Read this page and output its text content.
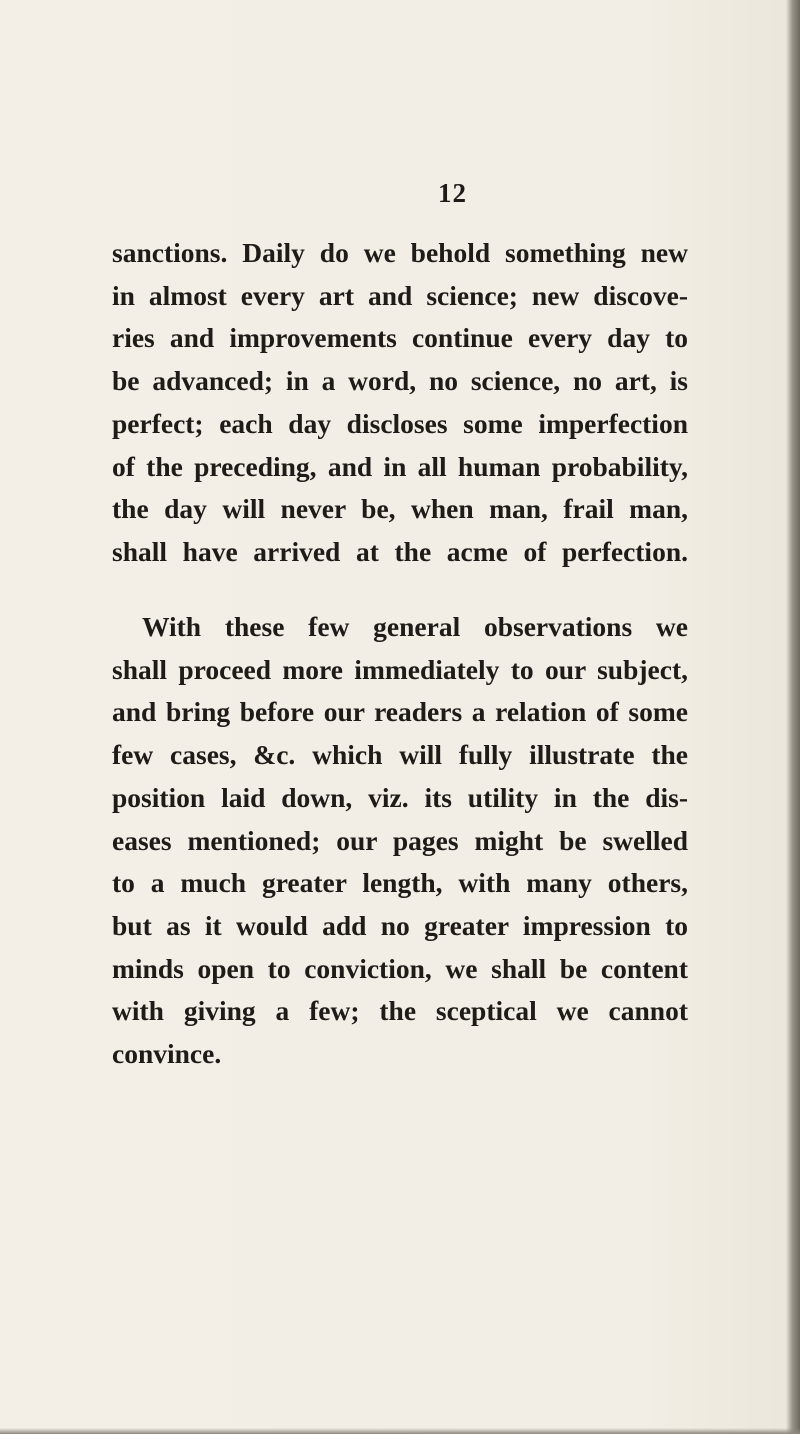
12
sanctions. Daily do we behold something new
in almost every art and science; new discove-
ries and improvements continue every day to
be advanced; in a word, no science, no art, is
perfect; each day discloses some imperfection
of the preceding, and in all human probability,
the day will never be, when man, frail man,
shall have arrived at the acme of perfection.
With these few general observations we
shall proceed more immediately to our subject,
and bring before our readers a relation of some
few cases, &c. which will fully illustrate the
position laid down, viz. its utility in the dis-
eases mentioned; our pages might be swelled
to a much greater length, with many others,
but as it would add no greater impression to
minds open to conviction, we shall be content
with giving a few; the sceptical we cannot
convince.
